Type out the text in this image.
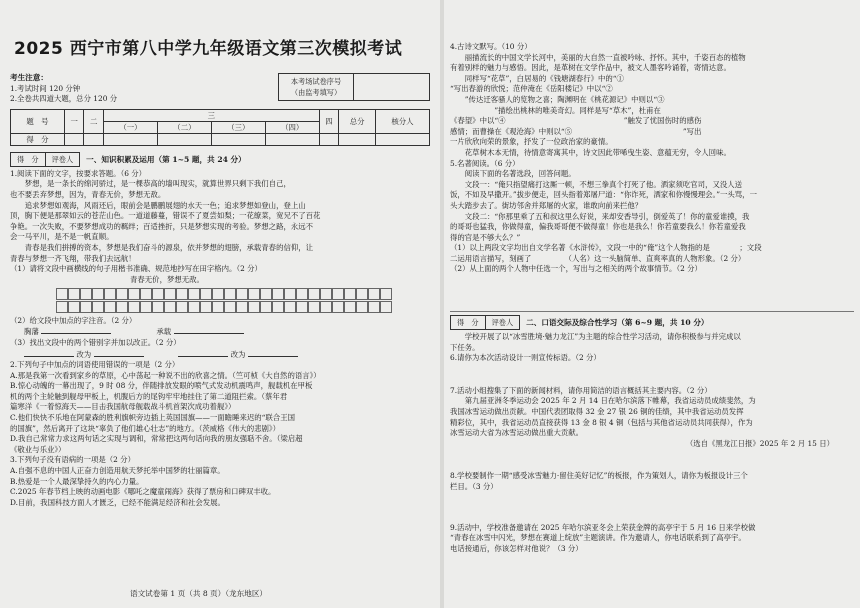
2025 西宁市第八中学九年级语文第三次模拟考试
考生注意：
1.考试时间 120 分钟
2.全卷共四道大题，总分 120 分
本考场试卷序号
（由监考填写）
题　号	一	二	三				四	总分	核分人
			（一）	（二）	（三）	（四）			
得　分									
得　分	评卷人	一、知识积累及运用（第 1~5 题，共 24 分）
1.阅读下面的文字，按要求答题。（6 分）
　　梦想，是一条长的绵河骄过，是一棵恭高的墙叫现实，就算世界只剩下我们自己，
也不要丢弃梦想，因为，青春无价，梦想无敌。
　　追求梦想如观海，风雨还后，眼前会是鹏鹏展翅的水天一色；追求梦想如登山，登上山
顶，胸下便是那翠如云的苍茫山色。一道道藤蔓，错误不了夏尝如梨；一花缭菜，宽兄不了百花
争艳。一次失败，不要梦想成功的羁绊；百适挫折，只是梦想实现的考验。梦想之路，永远不
会一马平川，是不是一帆直顺。
　　青春是我们拼搏的资本，梦想是我们奋斗的源泉，依并梦想的翅膀，承载青春的信仰，让
青春与梦想一齐飞翔，带我们去远航！
（1）请将文段中画横线的句子用楷书准确、规范地抄写在田字格内。（2 分）
青春无价，梦想无敌。
（2）给文段中加点的字注音。（2 分）
胸藩	承载
（3）找出文段中的两个错别字并加以改正。（2 分）
改为	改为
2.下列句子中加点的词语使用错误的一项是（2 分）
A.那是我第一次看到家乡的草原，心中荡起一种说不出的欣喜之情。（竺可桢《大自然的语言》）
B.惊心动魄的一幕出现了，9 时 08 分，伴随排放发眼的喷气式发动机震鸣声，舰载机在甲板
机的两个主轮触到舰母甲板上，机腹后方的尾钩牢牢地挂住了第二道阻拦索。（蔡年君
篇寒洋《一着惊海天——目击我国航母舰载战斗机首架次成功着舰》）
C.他们快快不乐地在阿蒙森的胜利旗帜旁边插上英国国旗——一面瞻睡来迟的“联合王国
的国旗”，然后离开了这块“辜负了他们雄心壮志”的地方。（茨威格《伟大的悲剧》）
D.我自己常常力求这两句话之实现与调和，常常把这两句话向我的朋友强聒不舍。（梁启超
《敬业与乐业》）
3.下列句子没有语病的一项是（2 分）
A.自强不息的中国人正奋力创造用航天梦托举中国梦的壮丽篇章。
B.热爱是一个人最深挚持久的内心力量。
C.2025 年春节档上映的动画电影《哪吒之魔童闹海》获得了票房和口碑双丰收。
D.目前，我国科技方面人才匮乏，已经不能满足经济和社会发展。
语文试卷第 1 页（共 8 页）（龙东地区）
4.古诗文默写。（10 分）
　　丽描流长的中国文学长河中，美丽的大自然一直被吟咏、抒怀。其中，千姿百态的植物
有着别样的魅力与感悟。因此，是革树在文学作品中，被文人墨客吟诵着，寄情达意。
　　同样写“花草”，白居易的《钱塘湖春行》中的“①
“写出春游的欣悦；范仲淹在《岳阳楼记》中以“②
　　”传达迁客骚人的览物之喜；陶渊明在《桃花源记》中则以“③
　　　　　　”描绘出桃林的唯美奇幻。同样是写“草木”，杜甫在
《春望》中以“④　　　　　　　　　　　　　　　　”触发了忧国伤时的感伤
感情；而曹操在《观沧海》中则以“⑤　　　　　　　　　　　　　　　”写出
一片欣欣向荣的景象，抒发了一位政治家的豪情。
　　花草树木本无情，待情意寄寓其中，诗文因此带唏曳生姿、意蕴无穷，令人回味。
5.名著阅读。（6 分）
　　阅读下面的名著选段，回答问题。
　　文段一：“俺只指望痛打这厮一顿，不想三拳真个打死了他。洒家须吃官司，又没人送
饭，不如及早撒开。”拔步便走，回头指着郑屠尸道：“你诈死，洒家和你慢慢理会。”一头骂，一
头大踏步去了。街坊邻舍并郑屠的火家，谁敢向前来拦他？
　　文段二：“你那里乘了五和叔这里么好说，来却安香导引，倒爱英了！你的童爱谁摸，我
的哥哥也猛我，你做得童，偏我哥哥便不做得童！你也是我么！你若童要我么！你若童爱我
得的官是不够大么？”
（1）以上两段文字均出自文学名著《水浒传》，文段一中的“俺”这个人物指的是　　　　；文段
二运用语言描写，刻画了　　　　　（人名）这一头脑简单、直爽率真的人物形象。（2 分）
（2）从上面的两个人物中任选一个，写出与之相关的两个故事情节。（2 分）
得　分	评卷人	二、口语交际及综合性学习（第 6~9 题，共 10 分）
　　学校开展了以“冰雪胜境·魅力龙江”为主题的综合性学习活动，请你积极参与并完成以
下任务。
6.请你为本次活动设计一则宣传标语。（2 分）
7.活动小组搜集了下面的新闻材料，请你用简洁的语言概括其主要内容。（2 分）
　　第九届亚洲冬季运动会 2025 年 2 月 14 日在哈尔滨落下帷幕，我省运动员成绩斐然，为
我国冰雪运动做出贡献。中国代表团取得 32 金 27 银 26 铜的佳绩，其中我省运动员发挥
精彩位，其中，我省运动员直接获得 13 金 8 银 4 铜（包括与其他省运动员共同获得），作为
冰雪运动大省为冰雪运动做出重大贡献。
（选自《黑龙江日报》2025 年 2 月 15 日）
8.学校要制作一期“感受冰雪魅力·留住美好记忆”的板报，作为策划人，请你为板报设计三个
栏目。（3 分）
9.活动中，学校准备邀请在 2025 年哈尔滨亚冬会上荣获金牌的高亭宇于 5 月 16 日来学校做
“青春在冰雪中闪光，梦想在赛道上绽放”主题演讲。作为邀请人，你电话联系到了高亭宇。
电话接通后，你该怎样对他说？（3 分）
